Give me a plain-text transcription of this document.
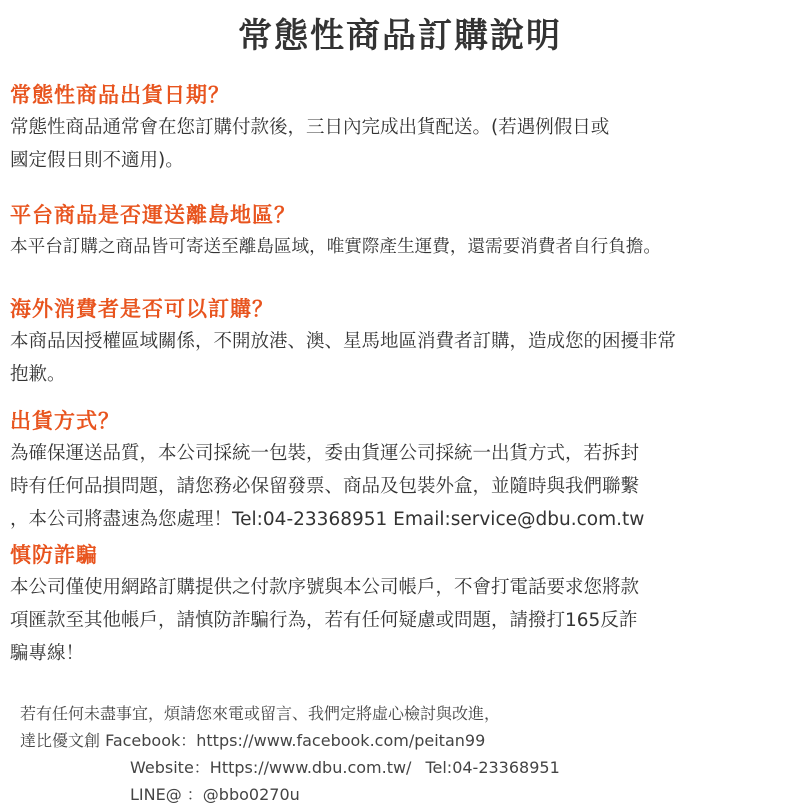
常態性商品訂購說明
常態性商品出貨日期？
常態性商品通常會在您訂購付款後，三日內完成出貨配送。(若遇例假日或
國定假日則不適用)。
平台商品是否運送離島地區？
本平台訂購之商品皆可寄送至離島區域，唯實際產生運費，還需要消費者自行負擔。
海外消費者是否可以訂購？
本商品因授權區域關係，不開放港、澳、星馬地區消費者訂購，造成您的困擾非常
抱歉。
出貨方式？
為確保運送品質，本公司採統一包裝，委由貨運公司採統一出貨方式，若拆封
時有任何品損問題，請您務必保留發票、商品及包裝外盒，並隨時與我們聯繫
，本公司將盡速為您處理！Tel:04-23368951 Email:service@dbu.com.tw
慎防詐騙
本公司僅使用網路訂購提供之付款序號與本公司帳戶，不會打電話要求您將款
項匯款至其他帳戶，請慎防詐騙行為，若有任何疑慮或問題，請撥打165反詐
騙專線！
若有任何未盡事宜，煩請您來電或留言、我們定將虛心檢討與改進，
達比優文創 Facebook：https://www.facebook.com/peitan99
Website：Https://www.dbu.com.tw/ Tel:04-23368951
LINE@ ：@bbo0270u
